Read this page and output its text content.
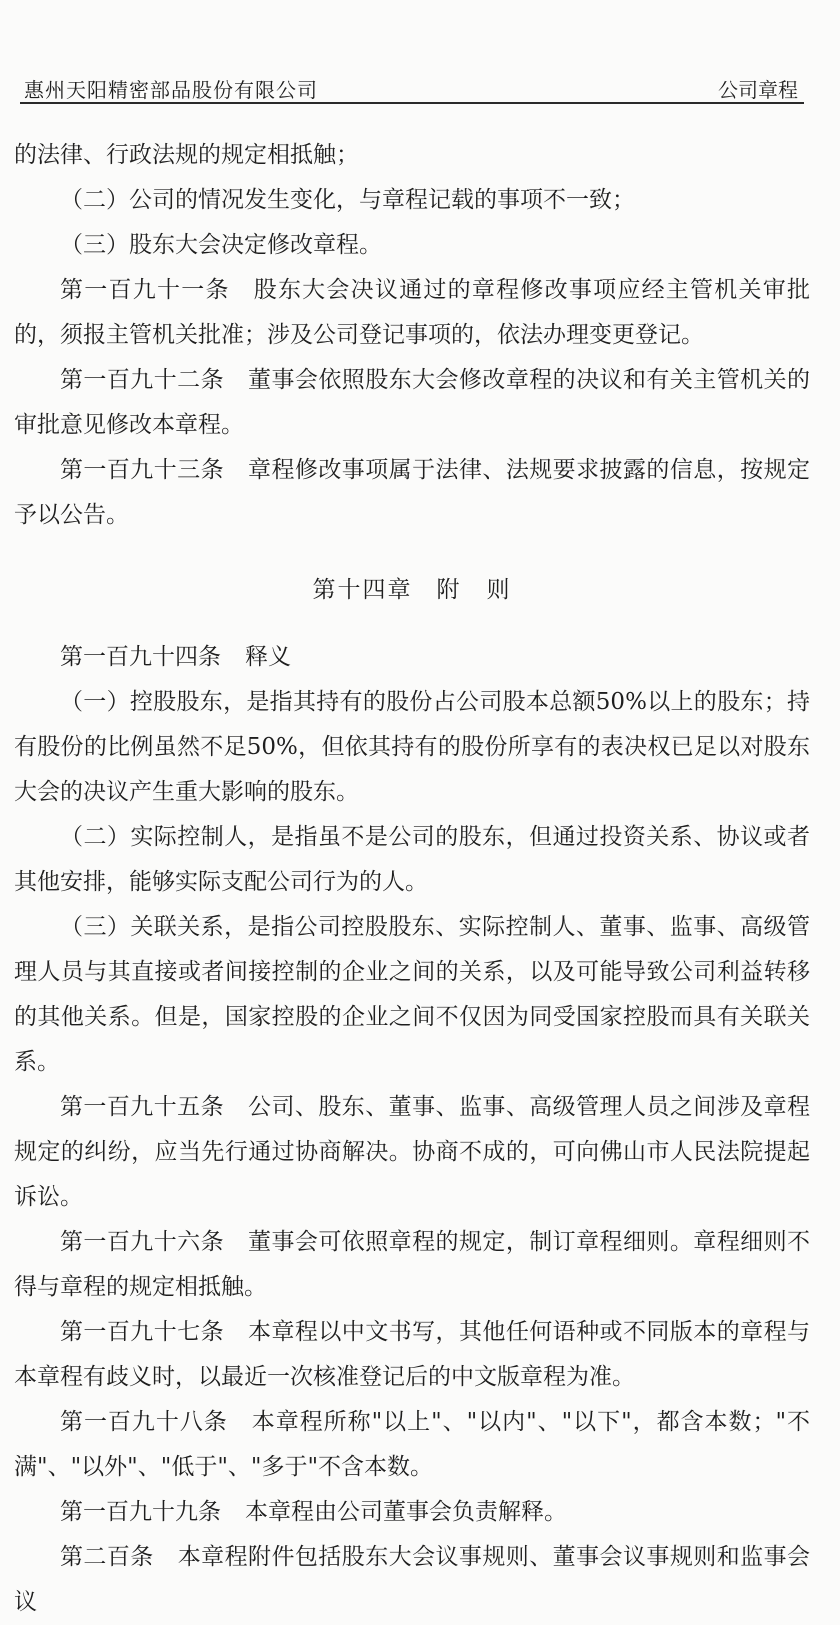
惠州天阳精密部品股份有限公司	公司章程

的法律、行政法规的规定相抵触；

（二）公司的情况发生变化，与章程记载的事项不一致；

（三）股东大会决定修改章程。

第一百九十一条 股东大会决议通过的章程修改事项应经主管机关审批的，须报主管机关批准；涉及公司登记事项的，依法办理变更登记。

第一百九十二条 董事会依照股东大会修改章程的决议和有关主管机关的审批意见修改本章程。

第一百九十三条 章程修改事项属于法律、法规要求披露的信息，按规定予以公告。

第十四章 附　则

第一百九十四条 释义

（一）控股股东，是指其持有的股份占公司股本总额50%以上的股东；持有股份的比例虽然不足50%，但依其持有的股份所享有的表决权已足以对股东大会的决议产生重大影响的股东。

（二）实际控制人，是指虽不是公司的股东，但通过投资关系、协议或者其他安排，能够实际支配公司行为的人。

（三）关联关系，是指公司控股股东、实际控制人、董事、监事、高级管理人员与其直接或者间接控制的企业之间的关系，以及可能导致公司利益转移的其他关系。但是，国家控股的企业之间不仅因为同受国家控股而具有关联关系。

第一百九十五条 公司、股东、董事、监事、高级管理人员之间涉及章程规定的纠纷，应当先行通过协商解决。协商不成的，可向佛山市人民法院提起诉讼。

第一百九十六条 董事会可依照章程的规定，制订章程细则。章程细则不得与章程的规定相抵触。

第一百九十七条 本章程以中文书写，其他任何语种或不同版本的章程与本章程有歧义时，以最近一次核准登记后的中文版章程为准。

第一百九十八条 本章程所称"以上"、"以内"、"以下"，都含本数；"不满"、"以外"、"低于"、"多于"不含本数。

第一百九十九条 本章程由公司董事会负责解释。

第二百条 本章程附件包括股东大会议事规则、董事会议事规则和监事会议
